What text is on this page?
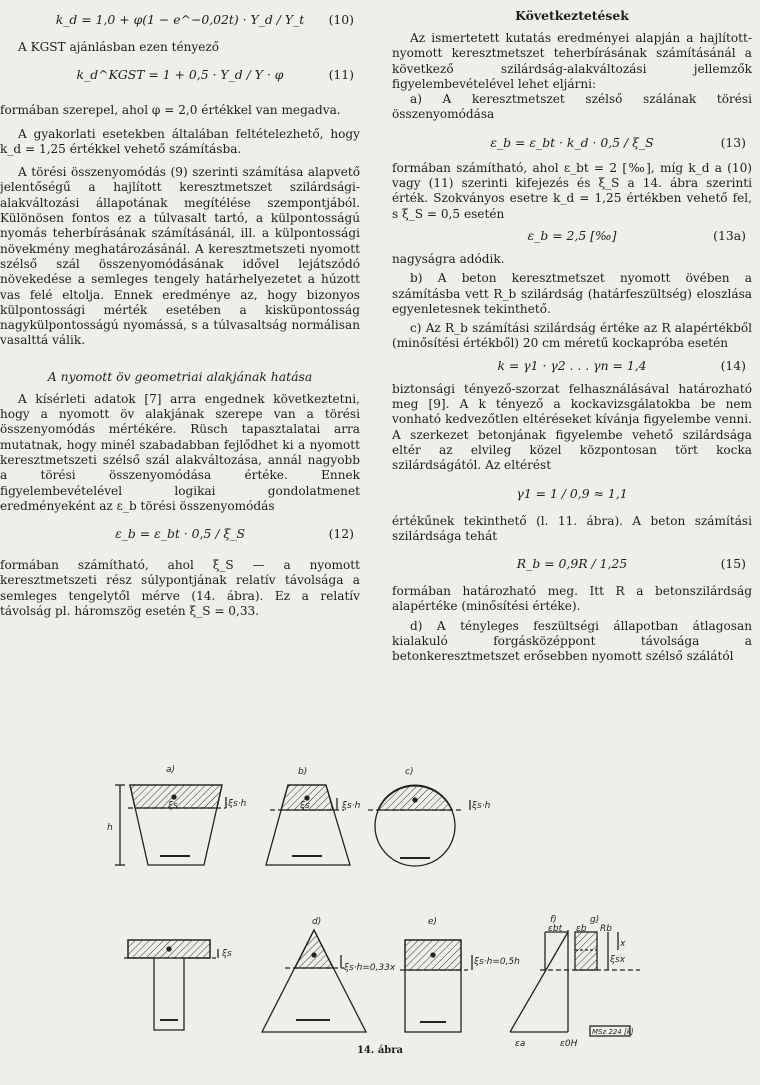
k_d = 1,0 + φ(1 − e^−0,02t) · Y_d / Y_t	(10)

A KGST ajánlásban ezen tényező

k_d^KGST = 1 + 0,5 · Y_d / Y · φ	(11)

formában szerepel, ahol φ = 2,0 értékkel van megadva.

A gyakorlati esetekben általában feltételezhető, hogy k_d = 1,25 értékkel vehető számításba.

A törési összenyomódás (9) szerinti számítása alapvető jelentőségű a hajlított keresztmetszet szilárdsági-alakváltozási állapotának megítélése szempontjából. Különösen fontos ez a túlvasalt tartó, a külpontosságú nyomás teherbírásának számításánál, ill. a külpontossági növekmény meghatározásánál. A keresztmetszeti nyomott szélső szál összenyomódásának idővel lejátszódó növekedése a semleges tengely határhelyezetet a húzott vas felé eltolja. Ennek eredménye az, hogy bizonyos külpontossági mérték esetében a kisküpontosság nagykülpontosságú nyomássá, s a túlvasaltság normálisan vasalttá válik.

A nyomott öv geometriai alakjának hatása

A kísérleti adatok [7] arra engednek következtetni, hogy a nyomott öv alakjának szerepe van a törési összenyomódás mértékére. Rüsch tapasztalatai arra mutatnak, hogy minél szabadabban fejlődhet ki a nyomott keresztmetszeti szélső szál alakváltozása, annál nagyobb a törési összenyomódása értéke. Ennek figyelembevételével logikai gondolatmenet eredményeként az ε_b törési összenyomódás

ε_b = ε_bt · 0,5 / ξ_S	(12)

formában számítható, ahol ξ_S — a nyomott keresztmetszeti rész súlypontjának relatív távolsága a semleges tengelytől mérve (14. ábra). Ez a relatív távolság pl. háromszög esetén ξ_S = 0,33.

Következtetések

Az ismertetett kutatás eredményei alapján a hajlított-nyomott keresztmetszet teherbírásának számításánál a következő szilárdság-alakváltozási jellemzők figyelembevételével lehet eljárni:

a) A keresztmetszet szélső szálának törési összenyomódása

ε_b = ε_bt · k_d · 0,5 / ξ_S	(13)

formában számítható, ahol ε_bt = 2 [‰], míg k_d a (10) vagy (11) szerinti kifejezés és ξ_S a 14. ábra szerinti érték. Szokványos esetre k_d = 1,25 értékben vehető fel, s ξ_S = 0,5 esetén

ε_b = 2,5 [‰]	(13a)

nagyságra adódik.

b) A beton keresztmetszet nyomott övében a számításba vett R_b szilárdság (határfeszültség) eloszlása egyenletesnek tekinthető.

c) Az R_b számítási szilárdság értéke az R alapértékből (minősítési értékből) 20 cm méretű kockapróba esetén

k = γ1 · γ2 . . . γn = 1,4	(14)

biztonsági tényező-szorzat felhasználásával határozható meg [9]. A k tényező a kockavizsgálatokba be nem vonható kedvezőtlen eltéréseket kívánja figyelembe venni. A szerkezet betonjának figyelembe vehető szilárdsága eltér az elvileg közel központosan tört kocka szilárdságától. Az eltérést

γ1 = 1 / 0,9 ≈ 1,1

értékűnek tekinthető (l. 11. ábra). A beton számítási szilárdsága tehát

R_b = 0,9R / 1,25	(15)

formában határozható meg. Itt R a betonszilárdság alapértéke (minősítési értéke).

d) A tényleges feszültségi állapotban átlagosan kialakuló forgásközéppont távolsága a betonkeresztmetszet erősebben nyomott szélső szálától

a)	b)	c)
h
ξs	ξs·h	ξs	ξs·h	ξs·h
d)	e)	f)	g)
ξs
ξs·h=0,33x
ξs·h=0,5h
εbt εb Rb
x
ξsx
εa	ε0H
MSz 224 [k]
14. ábra
